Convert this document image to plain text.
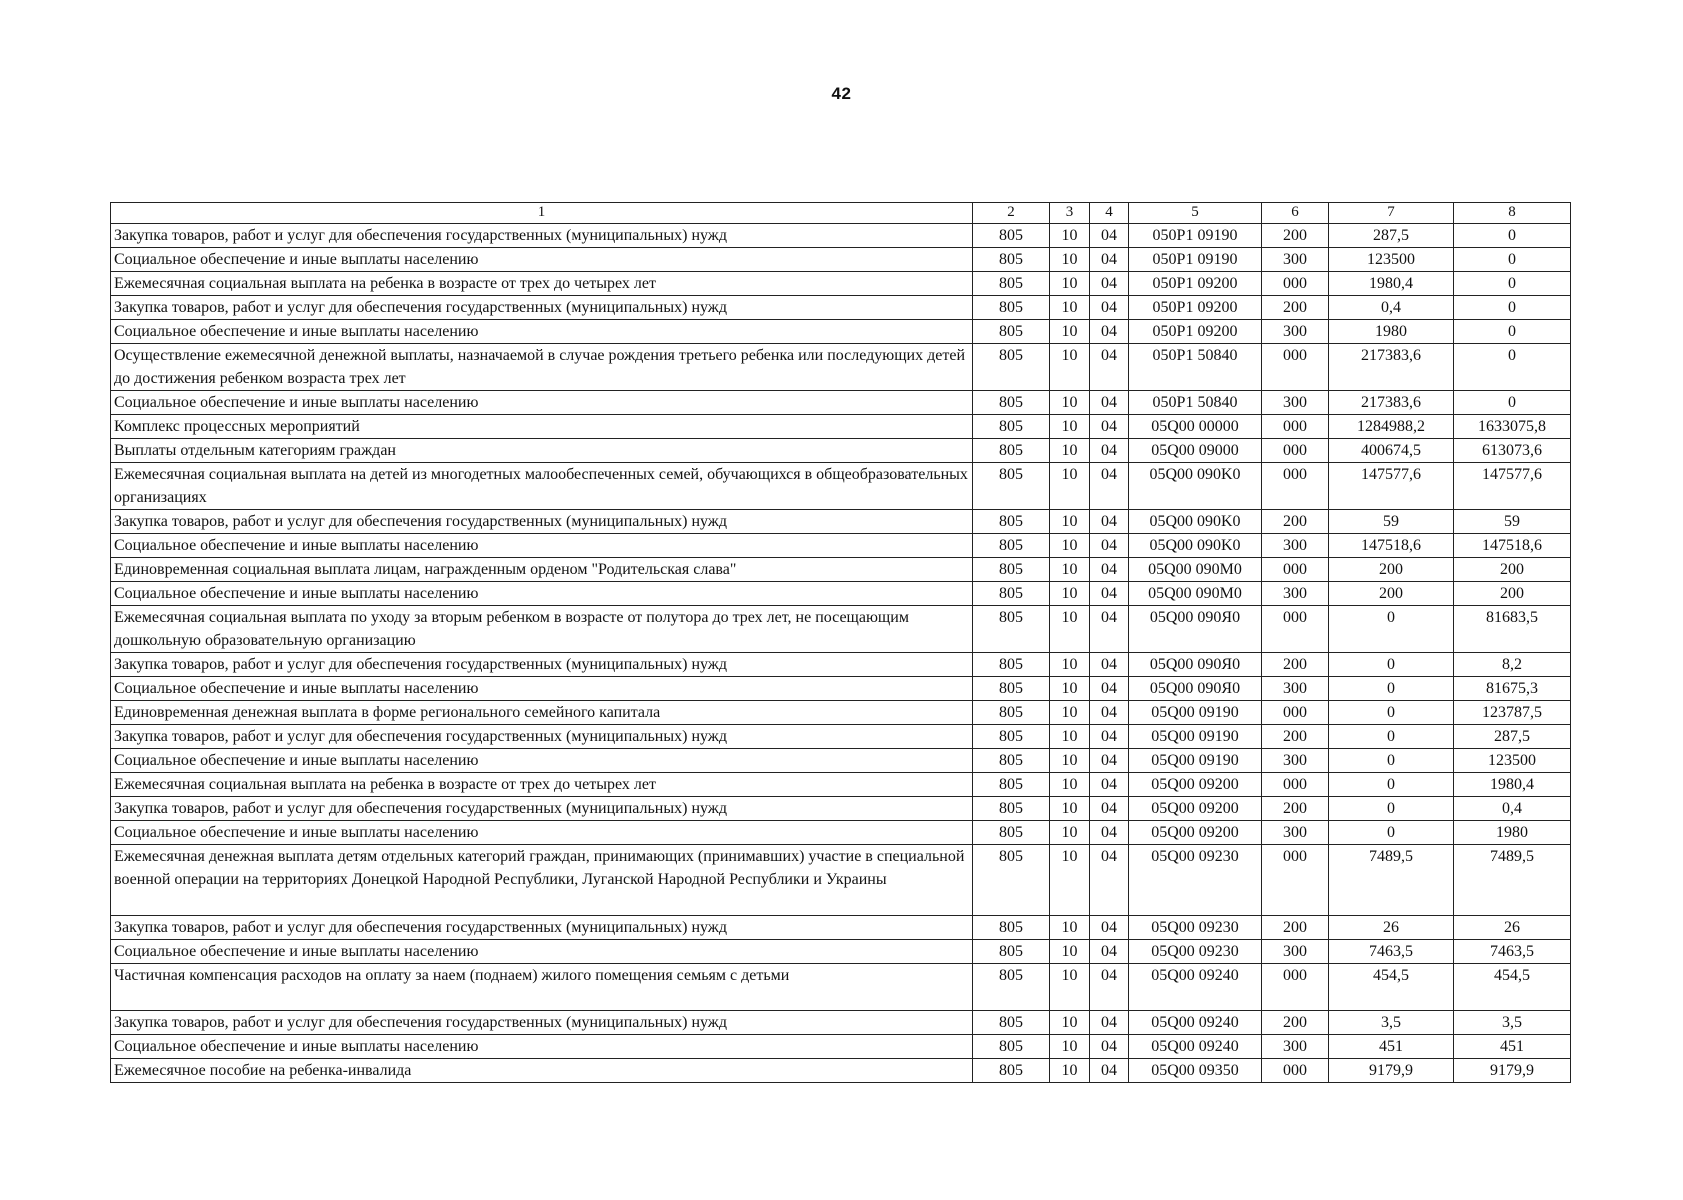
42
1	2	3	4	5	6	7	8
Закупка товаров, работ и услуг для обеспечения государственных (муниципальных) нужд	805	10	04	050P1 09190	200	287,5	0
Социальное обеспечение и иные выплаты населению	805	10	04	050P1 09190	300	123500	0
Ежемесячная социальная выплата на ребенка в возрасте от трех до четырех лет	805	10	04	050P1 09200	000	1980,4	0
Закупка товаров, работ и услуг для обеспечения государственных (муниципальных) нужд	805	10	04	050P1 09200	200	0,4	0
Социальное обеспечение и иные выплаты населению	805	10	04	050P1 09200	300	1980	0
Осуществление ежемесячной денежной выплаты, назначаемой в случае рождения третьего ребенка или последующих детей до достижения ребенком возраста трех лет	805	10	04	050P1 50840	000	217383,6	0
Социальное обеспечение и иные выплаты населению	805	10	04	050P1 50840	300	217383,6	0
Комплекс процессных мероприятий	805	10	04	05Q00 00000	000	1284988,2	1633075,8
Выплаты отдельным категориям граждан	805	10	04	05Q00 09000	000	400674,5	613073,6
Ежемесячная социальная выплата на детей из многодетных малообеспеченных семей, обучающихся в общеобразовательных организациях	805	10	04	05Q00 090K0	000	147577,6	147577,6
Закупка товаров, работ и услуг для обеспечения государственных (муниципальных) нужд	805	10	04	05Q00 090K0	200	59	59
Социальное обеспечение и иные выплаты населению	805	10	04	05Q00 090K0	300	147518,6	147518,6
Единовременная социальная выплата лицам, награжденным орденом "Родительская слава"	805	10	04	05Q00 090M0	000	200	200
Социальное обеспечение и иные выплаты населению	805	10	04	05Q00 090M0	300	200	200
Ежемесячная социальная выплата по уходу за вторым ребенком в возрасте от полутора до трех лет, не посещающим дошкольную образовательную организацию	805	10	04	05Q00 090Я0	000	0	81683,5
Закупка товаров, работ и услуг для обеспечения государственных (муниципальных) нужд	805	10	04	05Q00 090Я0	200	0	8,2
Социальное обеспечение и иные выплаты населению	805	10	04	05Q00 090Я0	300	0	81675,3
Единовременная денежная выплата в форме регионального семейного капитала	805	10	04	05Q00 09190	000	0	123787,5
Закупка товаров, работ и услуг для обеспечения государственных (муниципальных) нужд	805	10	04	05Q00 09190	200	0	287,5
Социальное обеспечение и иные выплаты населению	805	10	04	05Q00 09190	300	0	123500
Ежемесячная социальная выплата на ребенка в возрасте от трех до четырех лет	805	10	04	05Q00 09200	000	0	1980,4
Закупка товаров, работ и услуг для обеспечения государственных (муниципальных) нужд	805	10	04	05Q00 09200	200	0	0,4
Социальное обеспечение и иные выплаты населению	805	10	04	05Q00 09200	300	0	1980
Ежемесячная денежная выплата детям отдельных категорий граждан, принимающих (принимавших) участие в специальной военной операции на территориях Донецкой Народной Республики, Луганской Народной Республики и Украины	805	10	04	05Q00 09230	000	7489,5	7489,5
Закупка товаров, работ и услуг для обеспечения государственных (муниципальных) нужд	805	10	04	05Q00 09230	200	26	26
Социальное обеспечение и иные выплаты населению	805	10	04	05Q00 09230	300	7463,5	7463,5
Частичная компенсация расходов на оплату за наем (поднаем) жилого помещения семьям с детьми	805	10	04	05Q00 09240	000	454,5	454,5
Закупка товаров, работ и услуг для обеспечения государственных (муниципальных) нужд	805	10	04	05Q00 09240	200	3,5	3,5
Социальное обеспечение и иные выплаты населению	805	10	04	05Q00 09240	300	451	451
Ежемесячное пособие на ребенка-инвалида	805	10	04	05Q00 09350	000	9179,9	9179,9
